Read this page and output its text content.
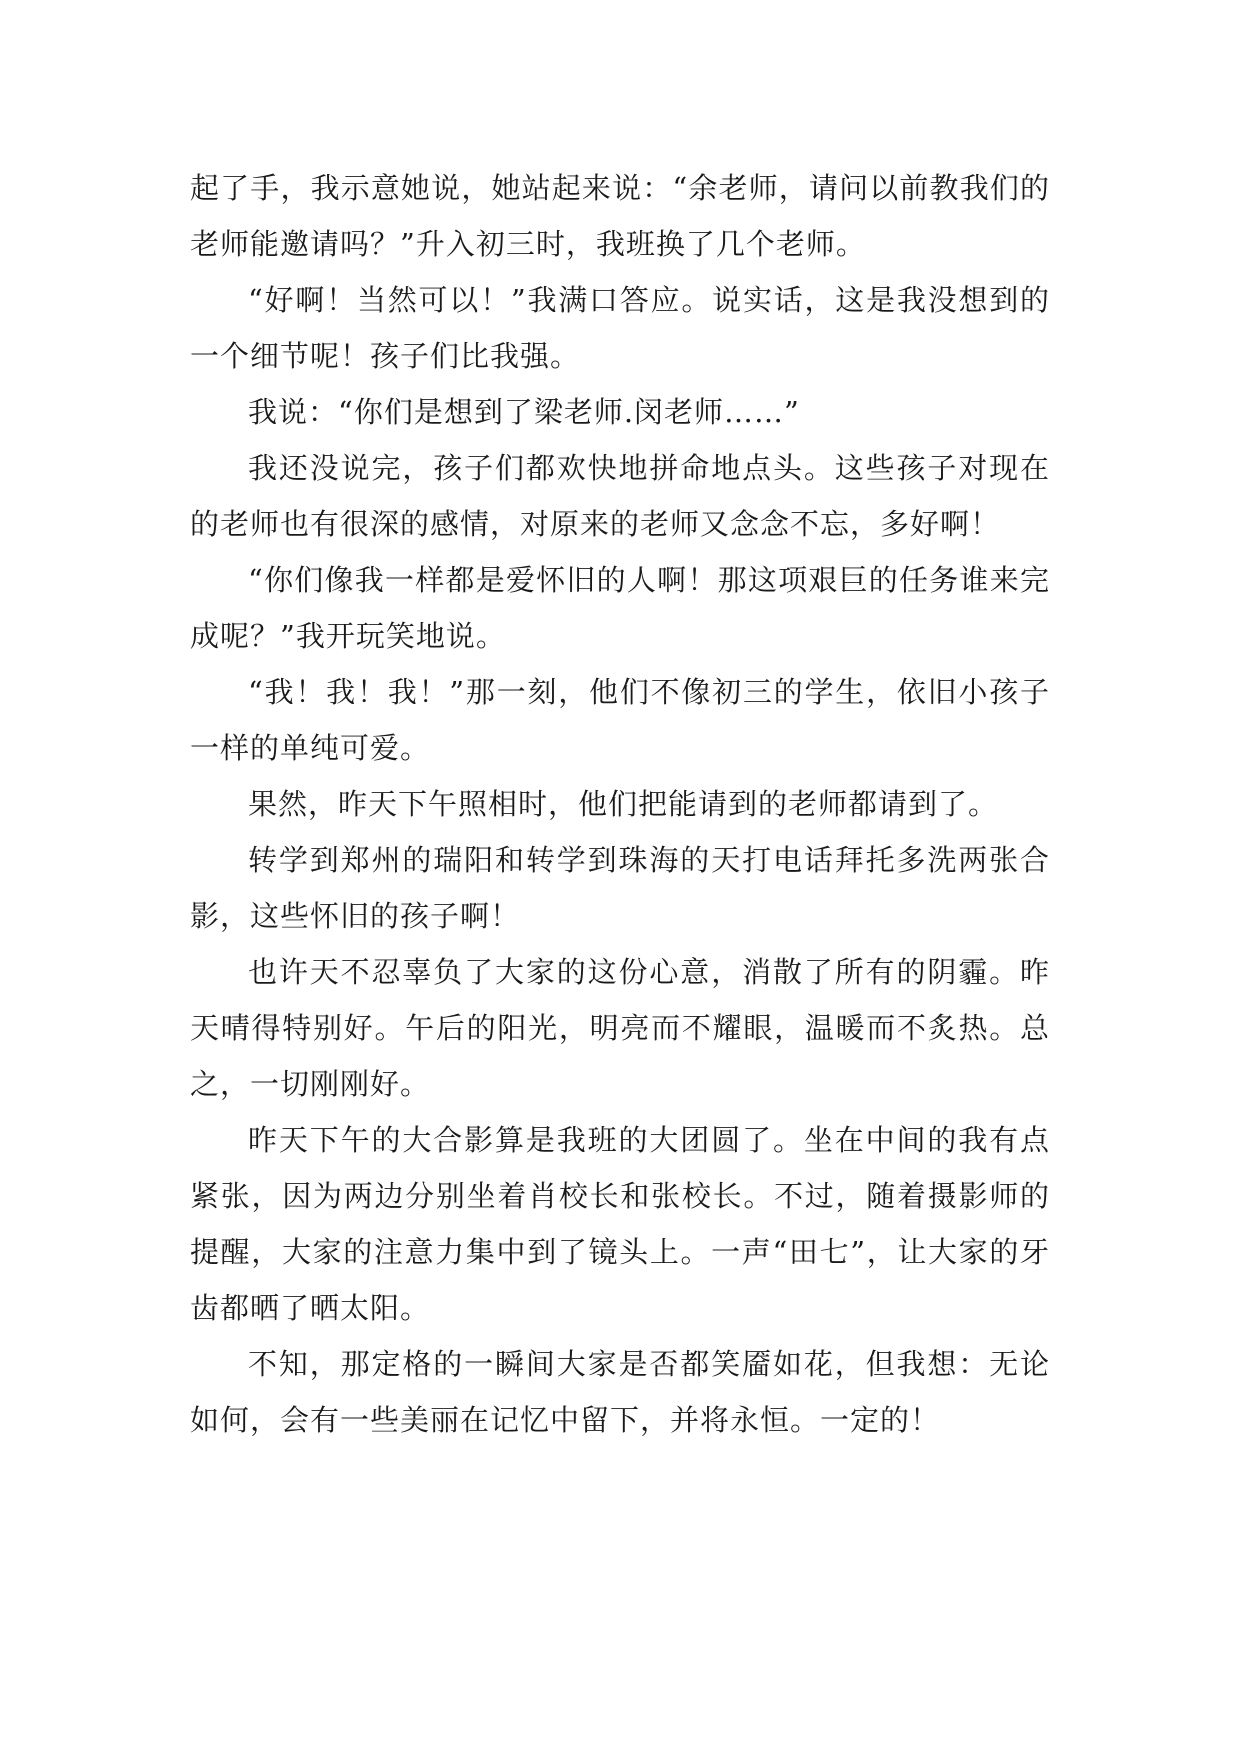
起了手，我示意她说，她站起来说：“余老师，请问以前教我们的老师能邀请吗？”升入初三时，我班换了几个老师。

“好啊！当然可以！”我满口答应。说实话，这是我没想到的一个细节呢！孩子们比我强。

我说：“你们是想到了梁老师.闵老师……”

我还没说完，孩子们都欢快地拼命地点头。这些孩子对现在的老师也有很深的感情，对原来的老师又念念不忘，多好啊！

“你们像我一样都是爱怀旧的人啊！那这项艰巨的任务谁来完成呢？”我开玩笑地说。

“我！我！我！”那一刻，他们不像初三的学生，依旧小孩子一样的单纯可爱。

果然，昨天下午照相时，他们把能请到的老师都请到了。

转学到郑州的瑞阳和转学到珠海的天打电话拜托多洗两张合影，这些怀旧的孩子啊！

也许天不忍辜负了大家的这份心意，消散了所有的阴霾。昨天晴得特别好。午后的阳光，明亮而不耀眼，温暖而不炙热。总之，一切刚刚好。

昨天下午的大合影算是我班的大团圆了。坐在中间的我有点紧张，因为两边分别坐着肖校长和张校长。不过，随着摄影师的提醒，大家的注意力集中到了镜头上。一声“田七”，让大家的牙齿都晒了晒太阳。

不知，那定格的一瞬间大家是否都笑靥如花，但我想：无论如何，会有一些美丽在记忆中留下，并将永恒。一定的！
